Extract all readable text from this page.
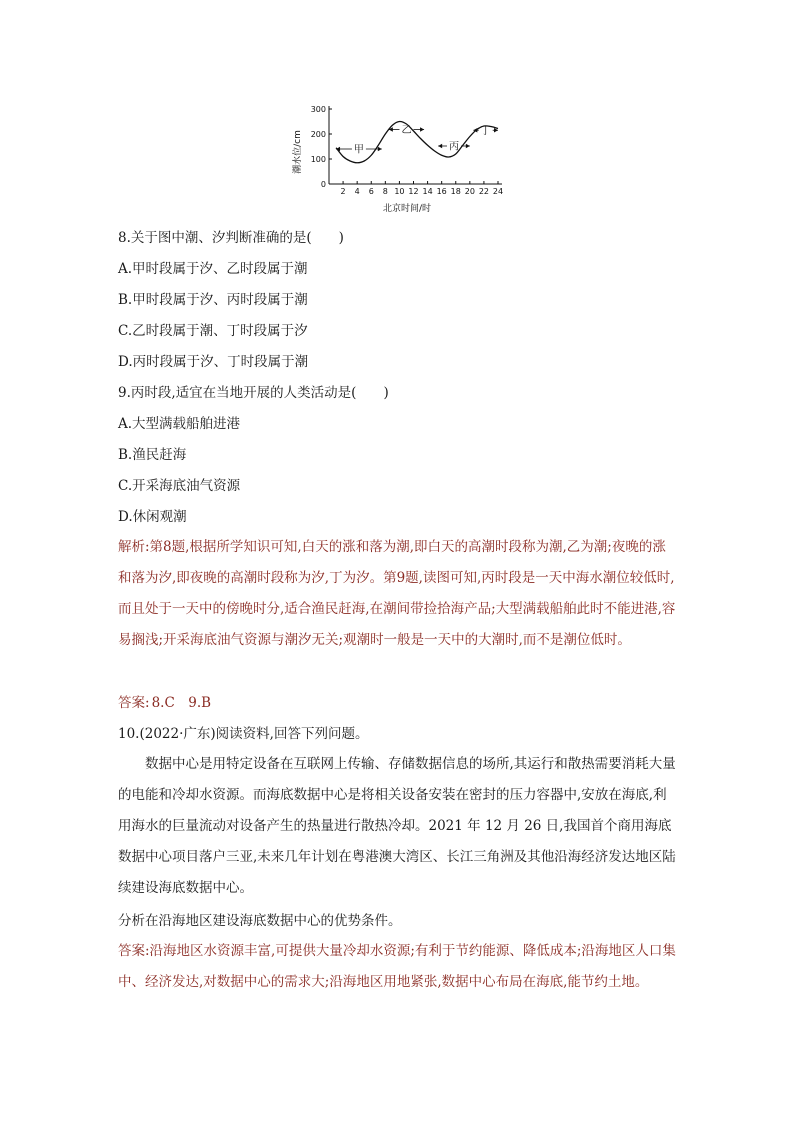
0
100
200
300
2 4 6 8 10 12 14 16 18 20 22 24
甲
乙
丙
丁
潮水位/cm
北京时间/时
8.关于图中潮、汐判断准确的是(　　)
A.甲时段属于汐、乙时段属于潮
B.甲时段属于汐、丙时段属于潮
C.乙时段属于潮、丁时段属于汐
D.丙时段属于汐、丁时段属于潮
9.丙时段,适宜在当地开展的人类活动是(　　)
A.大型满载船舶进港
B.渔民赶海
C.开采海底油气资源
D.休闲观潮
解析:第8题,根据所学知识可知,白天的涨和落为潮,即白天的高潮时段称为潮,乙为潮;夜晚的涨和落为汐,即夜晚的高潮时段称为汐,丁为汐。第9题,读图可知,丙时段是一天中海水潮位较低时,而且处于一天中的傍晚时分,适合渔民赶海,在潮间带捡拾海产品;大型满载船舶此时不能进港,容易搁浅;开采海底油气资源与潮汐无关;观潮时一般是一天中的大潮时,而不是潮位低时。
答案: 8.C　9.B
10.(2022·广东)阅读资料,回答下列问题。
数据中心是用特定设备在互联网上传输、存储数据信息的场所,其运行和散热需要消耗大量的电能和冷却水资源。而海底数据中心是将相关设备安装在密封的压力容器中,安放在海底,利用海水的巨量流动对设备产生的热量进行散热冷却。2021 年 12 月 26 日,我国首个商用海底数据中心项目落户三亚,未来几年计划在粤港澳大湾区、长江三角洲及其他沿海经济发达地区陆续建设海底数据中心。
分析在沿海地区建设海底数据中心的优势条件。
答案:沿海地区水资源丰富,可提供大量冷却水资源;有利于节约能源、降低成本;沿海地区人口集中、经济发达,对数据中心的需求大;沿海地区用地紧张,数据中心布局在海底,能节约土地。
